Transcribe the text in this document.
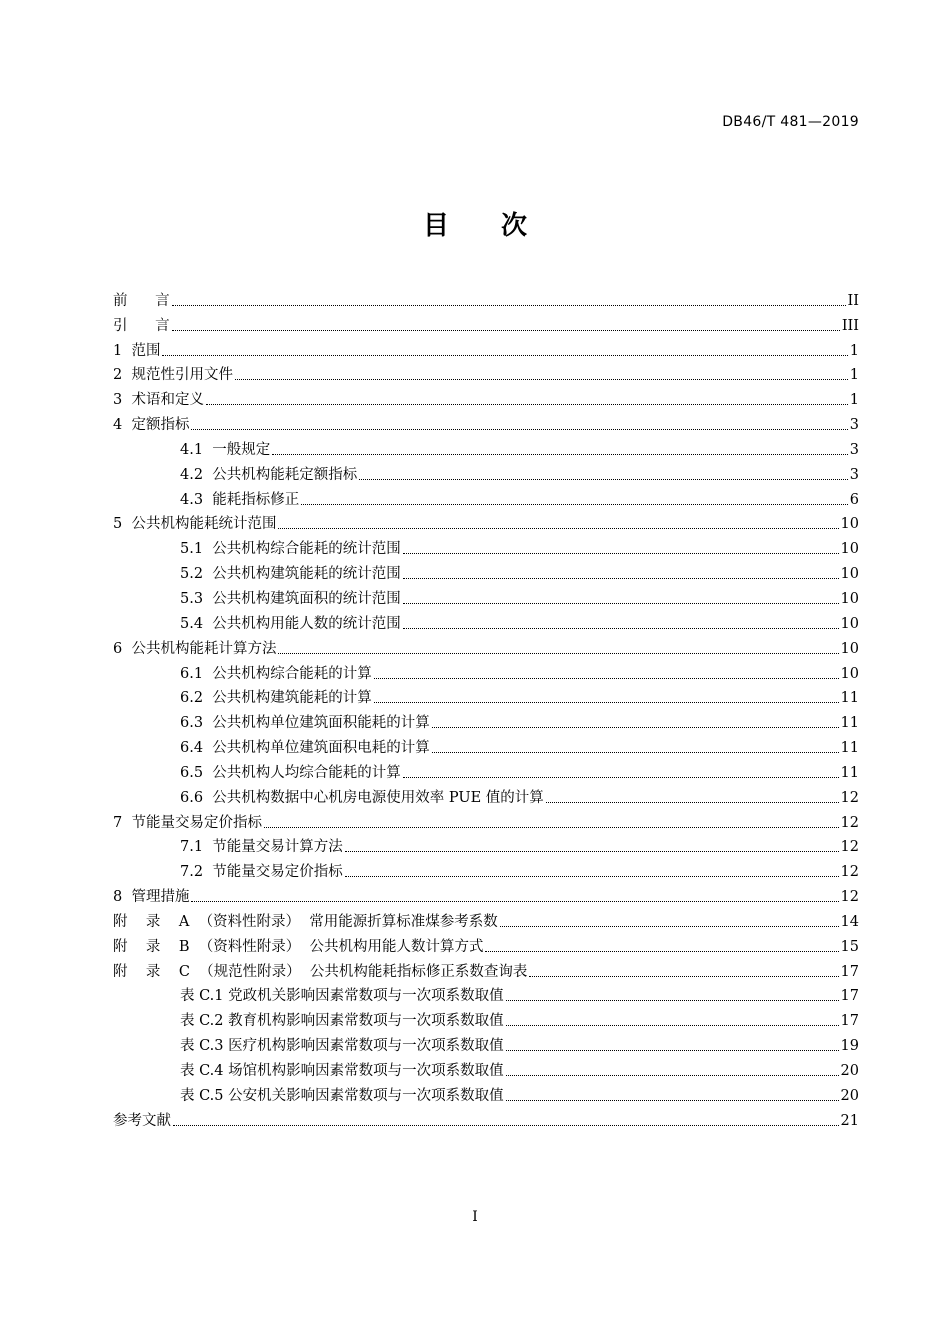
DB46/T 481—2019
目 次
前      言	II
引      言	III
1  范围	1
2  规范性引用文件	1
3  术语和定义	1
4  定额指标	3
4.1  一般规定	3
4.2  公共机构能耗定额指标	3
4.3  能耗指标修正	6
5  公共机构能耗统计范围	10
5.1  公共机构综合能耗的统计范围	10
5.2  公共机构建筑能耗的统计范围	10
5.3  公共机构建筑面积的统计范围	10
5.4  公共机构用能人数的统计范围	10
6  公共机构能耗计算方法	10
6.1  公共机构综合能耗的计算	10
6.2  公共机构建筑能耗的计算	11
6.3  公共机构单位建筑面积能耗的计算	11
6.4  公共机构单位建筑面积电耗的计算	11
6.5  公共机构人均综合能耗的计算	11
6.6  公共机构数据中心机房电源使用效率 PUE 值的计算	12
7  节能量交易定价指标	12
7.1  节能量交易计算方法	12
7.2  节能量交易定价指标	12
8  管理措施	12
附    录    A  （资料性附录）  常用能源折算标准煤参考系数	14
附    录    B  （资料性附录）  公共机构用能人数计算方式	15
附    录    C  （规范性附录）  公共机构能耗指标修正系数查询表	17
表 C.1 党政机关影响因素常数项与一次项系数取值	17
表 C.2 教育机构影响因素常数项与一次项系数取值	17
表 C.3 医疗机构影响因素常数项与一次项系数取值	19
表 C.4 场馆机构影响因素常数项与一次项系数取值	20
表 C.5 公安机关影响因素常数项与一次项系数取值	20
参考文献	21
I
